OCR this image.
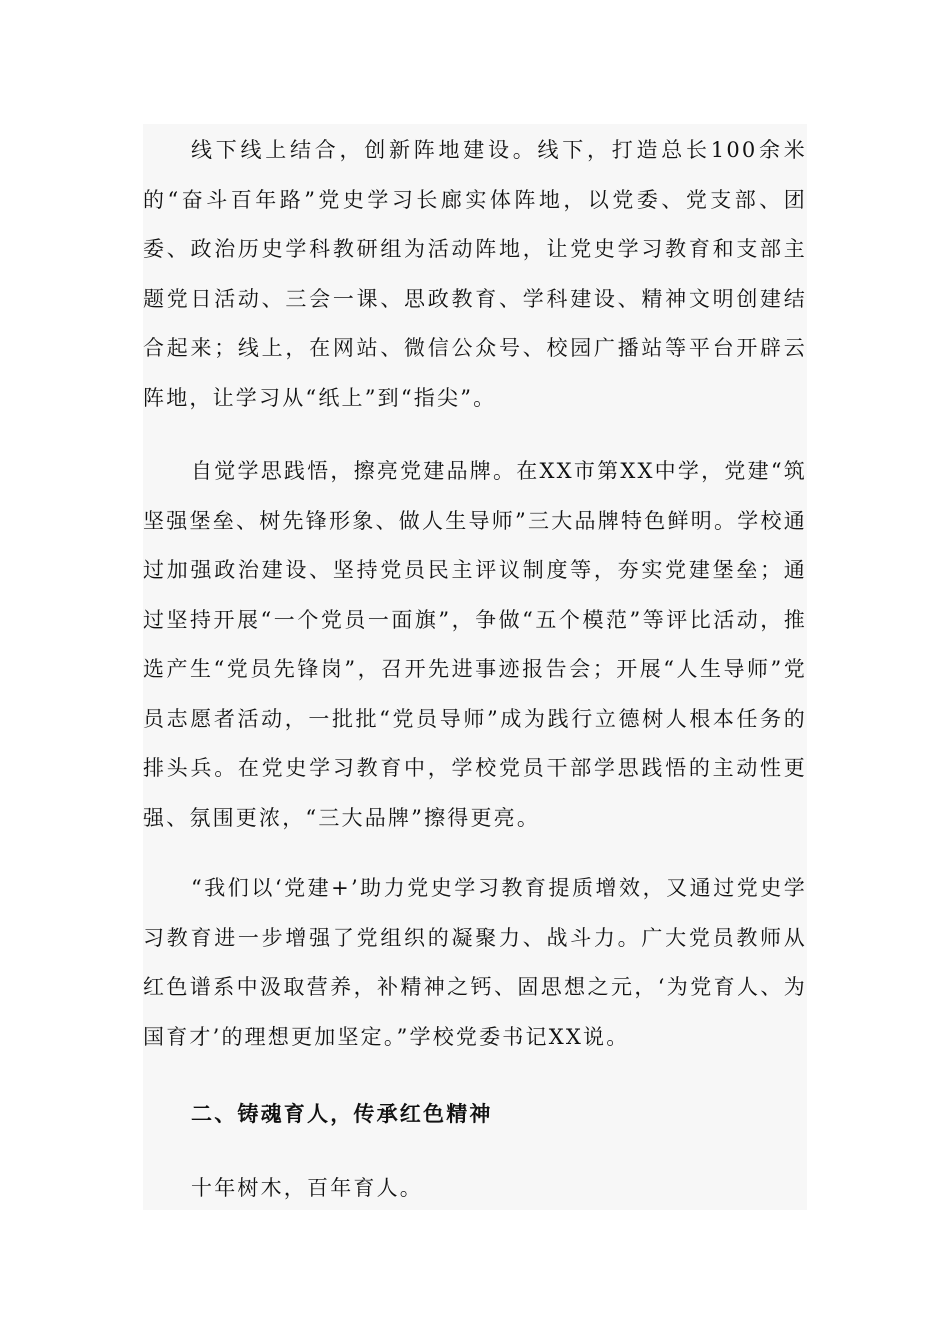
线下线上结合，创新阵地建设。线下，打造总长100余米的“奋斗百年路”党史学习长廊实体阵地，以党委、党支部、团委、政治历史学科教研组为活动阵地，让党史学习教育和支部主题党日活动、三会一课、思政教育、学科建设、精神文明创建结合起来；线上，在网站、微信公众号、校园广播站等平台开辟云阵地，让学习从“纸上”到“指尖”。

自觉学思践悟，擦亮党建品牌。在XX市第XX中学，党建“筑坚强堡垒、树先锋形象、做人生导师”三大品牌特色鲜明。学校通过加强政治建设、坚持党员民主评议制度等，夯实党建堡垒；通过坚持开展“一个党员一面旗”，争做“五个模范”等评比活动，推选产生“党员先锋岗”，召开先进事迹报告会；开展“人生导师”党员志愿者活动，一批批“党员导师”成为践行立德树人根本任务的排头兵。在党史学习教育中，学校党员干部学思践悟的主动性更强、氛围更浓，“三大品牌”擦得更亮。

“我们以‘党建+’助力党史学习教育提质增效，又通过党史学习教育进一步增强了党组织的凝聚力、战斗力。广大党员教师从红色谱系中汲取营养，补精神之钙、固思想之元，‘为党育人、为国育才’的理想更加坚定。”学校党委书记XX说。

二、铸魂育人，传承红色精神

十年树木，百年育人。
